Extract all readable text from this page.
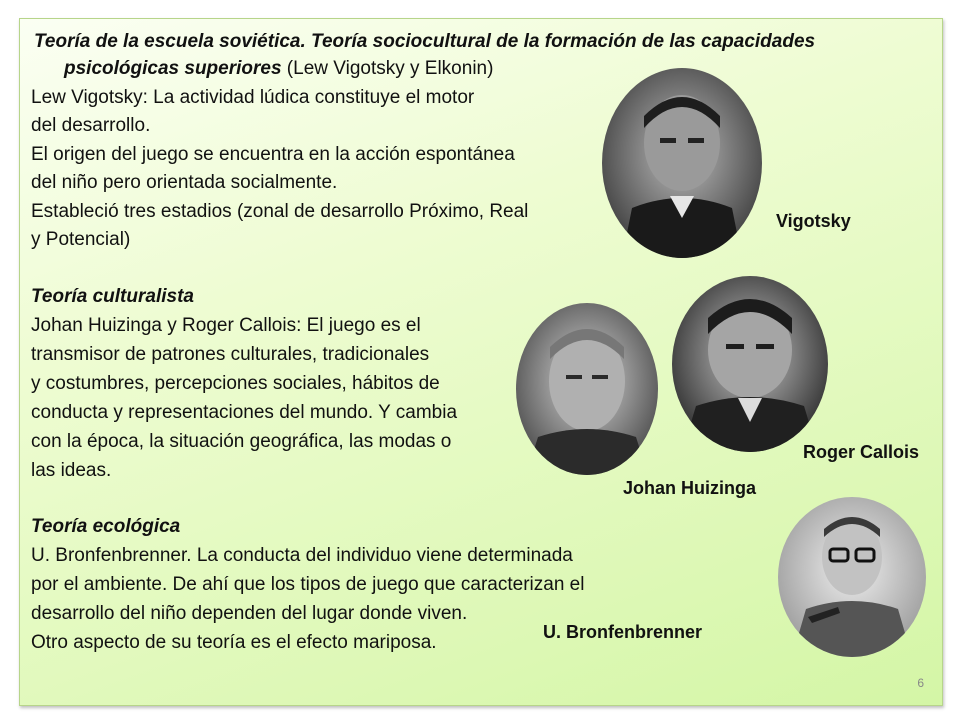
Teoría de la escuela soviética. Teoría sociocultural de la formación de las capacidades
psicológicas superiores (Lew Vigotsky y Elkonin)
Lew Vigotsky: La actividad lúdica constituye el motor
del desarrollo.
El origen del juego se encuentra en la acción espontánea
del niño pero orientada socialmente.
Estableció tres estadios (zonal de desarrollo Próximo, Real
y Potencial)
Teoría culturalista
Johan Huizinga y Roger Callois: El juego es el
transmisor de patrones culturales, tradicionales
y costumbres, percepciones sociales, hábitos de
conducta y representaciones del mundo. Y cambia
con la época, la situación geográfica, las modas o
las ideas.
Teoría ecológica
U. Bronfenbrenner. La conducta del individuo viene determinada
por el ambiente. De ahí que los tipos de juego que caracterizan el
desarrollo del niño dependen del lugar donde viven.
Otro aspecto de su teoría es el efecto mariposa.
Vigotsky
Roger Callois
Johan Huizinga
U. Bronfenbrenner
6
